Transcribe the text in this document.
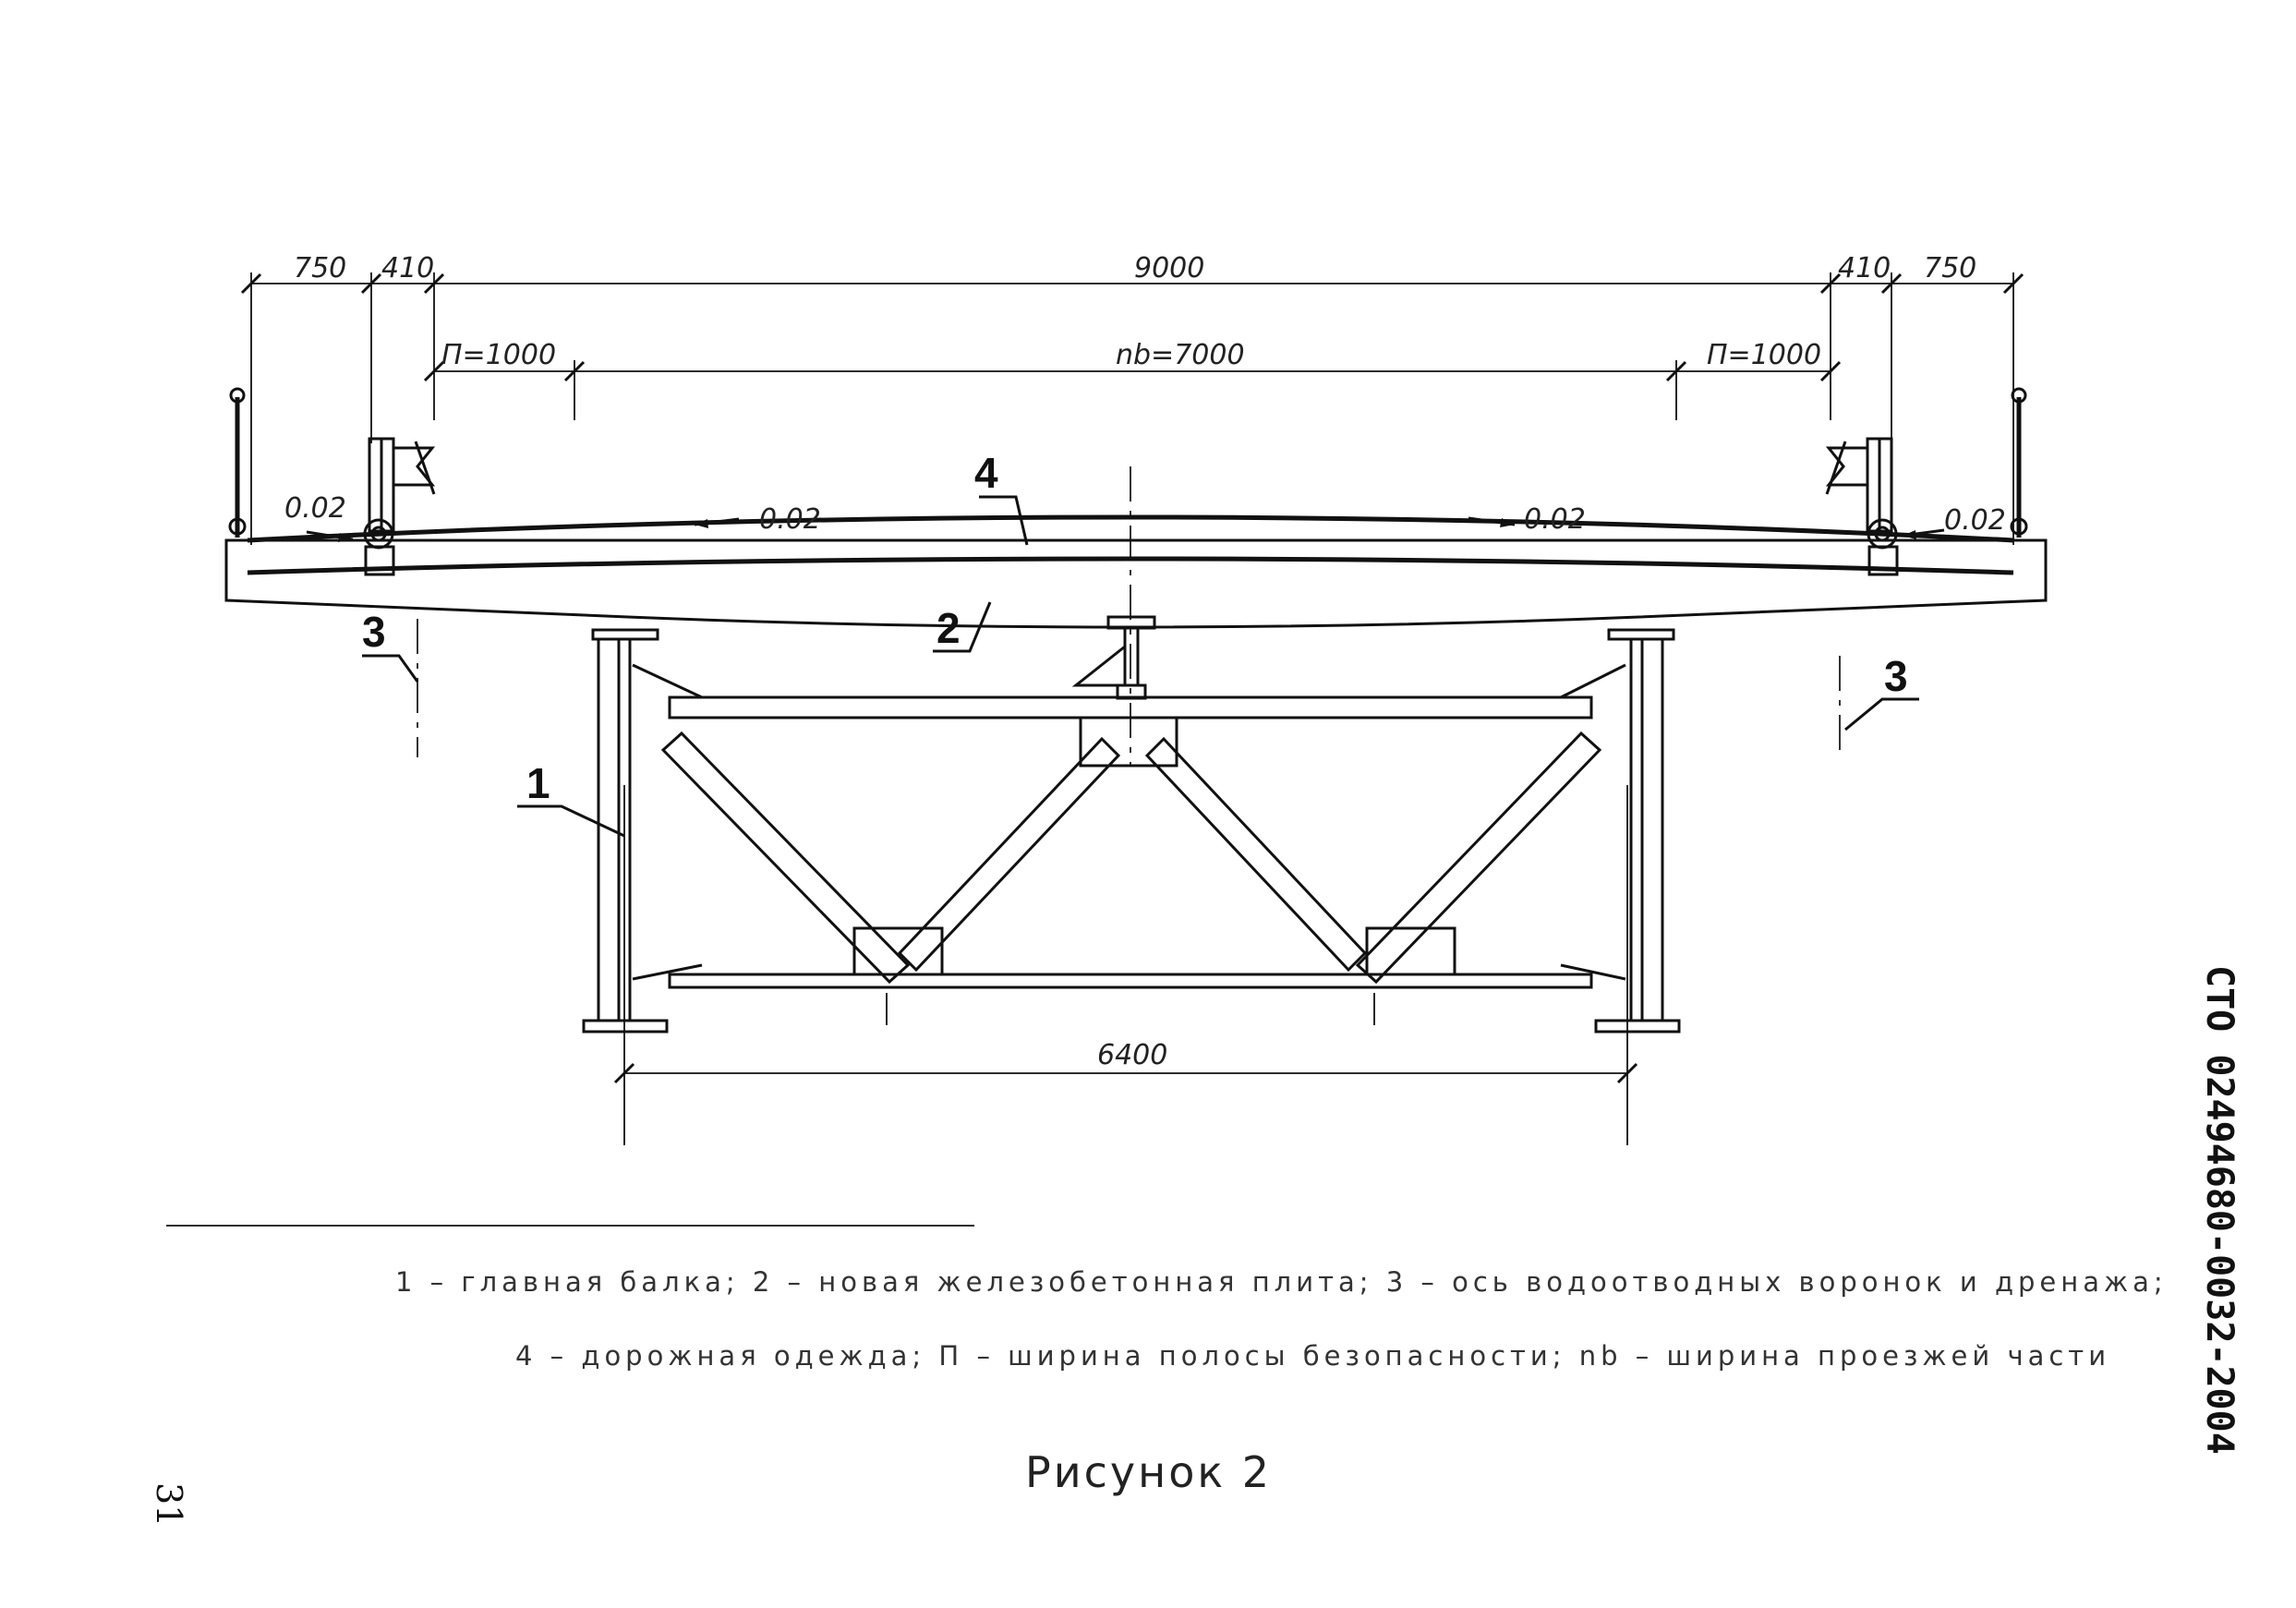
750 410	9000	410 750
П=1000	nb=7000	П=1000
0.02	0.02	0.02	0.02
6400
1
2
3
3
4
1 – главная балка; 2 – новая железобетонная плита; 3 – ось водоотводных воронок и дренажа;
4 – дорожная одежда; П – ширина полосы безопасности; nb – ширина проезжей части
Рисунок 2
СТО 02494680-0032-2004
31
